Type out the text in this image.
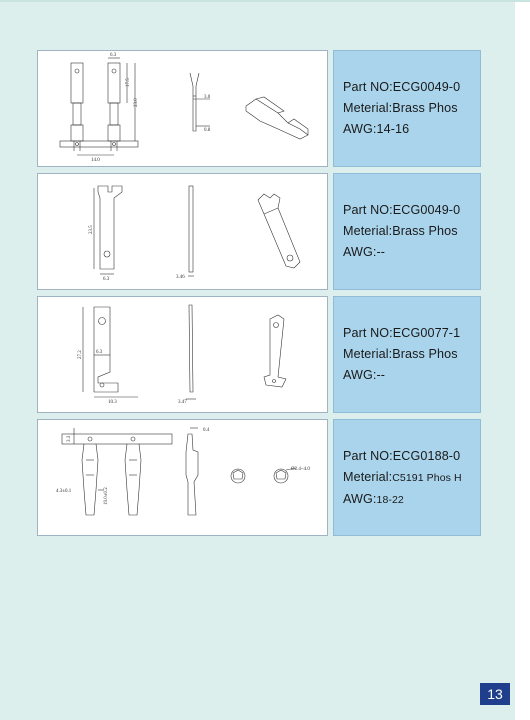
6.3
17.5
23.0
14.0
3.0
0.8
Part NO:ECG0049-0
Meterial:Brass Phos
AWG:14-16
23.5
6.3	3.46
Part NO:ECG0049-0
Meterial:Brass Phos
AWG:--
27.2	6.3
10.3	3.47
Part NO:ECG0077-1
Meterial:Brass Phos
AWG:--
3.3
4.3±0.1	19.0±0.2
0.4
Ø2.4~4.0
Part NO:ECG0188-0
Meterial:C5191 Phos H
AWG:18-22
13
